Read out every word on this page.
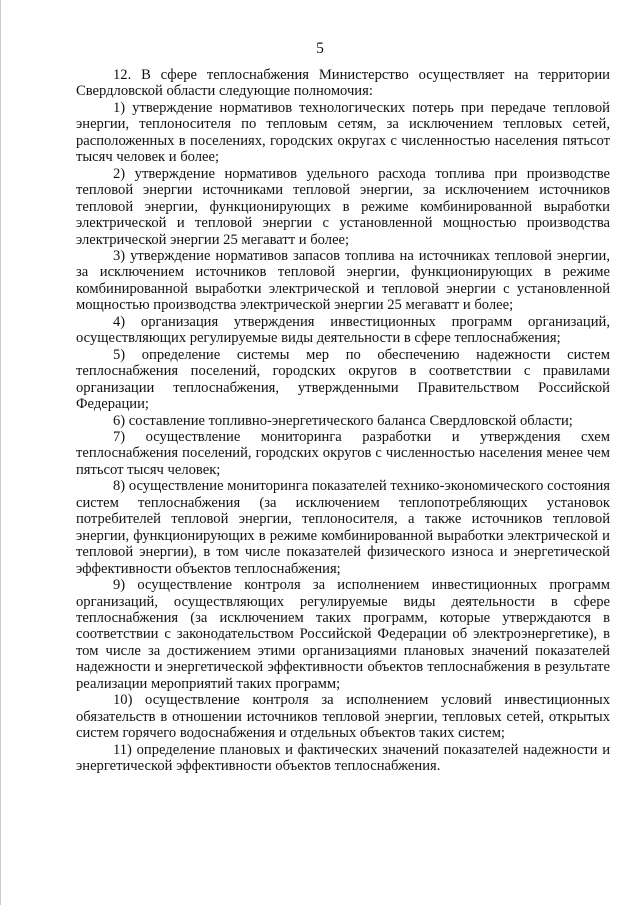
5

12. В сфере теплоснабжения Министерство осуществляет на территории Свердловской области следующие полномочия:

1) утверждение нормативов технологических потерь при передаче тепловой энергии, теплоносителя по тепловым сетям, за исключением тепловых сетей, расположенных в поселениях, городских округах с численностью населения пятьсот тысяч человек и более;

2) утверждение нормативов удельного расхода топлива при производстве тепловой энергии источниками тепловой энергии, за исключением источников тепловой энергии, функционирующих в режиме комбинированной выработки электрической и тепловой энергии с установленной мощностью производства электрической энергии 25 мегаватт и более;

3) утверждение нормативов запасов топлива на источниках тепловой энергии, за исключением источников тепловой энергии, функционирующих в режиме комбинированной выработки электрической и тепловой энергии с установленной мощностью производства электрической энергии 25 мегаватт и более;

4) организация утверждения инвестиционных программ организаций, осуществляющих регулируемые виды деятельности в сфере теплоснабжения;

5) определение системы мер по обеспечению надежности систем теплоснабжения поселений, городских округов в соответствии с правилами организации теплоснабжения, утвержденными Правительством Российской Федерации;

6) составление топливно-энергетического баланса Свердловской области;

7) осуществление мониторинга разработки и утверждения схем теплоснабжения поселений, городских округов с численностью населения менее чем пятьсот тысяч человек;

8) осуществление мониторинга показателей технико-экономического состояния систем теплоснабжения (за исключением теплопотребляющих установок потребителей тепловой энергии, теплоносителя, а также источников тепловой энергии, функционирующих в режиме комбинированной выработки электрической и тепловой энергии), в том числе показателей физического износа и энергетической эффективности объектов теплоснабжения;

9) осуществление контроля за исполнением инвестиционных программ организаций, осуществляющих регулируемые виды деятельности в сфере теплоснабжения (за исключением таких программ, которые утверждаются в соответствии с законодательством Российской Федерации об электроэнергетике), в том числе за достижением этими организациями плановых значений показателей надежности и энергетической эффективности объектов теплоснабжения в результате реализации мероприятий таких программ;

10) осуществление контроля за исполнением условий инвестиционных обязательств в отношении источников тепловой энергии, тепловых сетей, открытых систем горячего водоснабжения и отдельных объектов таких систем;

11) определение плановых и фактических значений показателей надежности и энергетической эффективности объектов теплоснабжения.
